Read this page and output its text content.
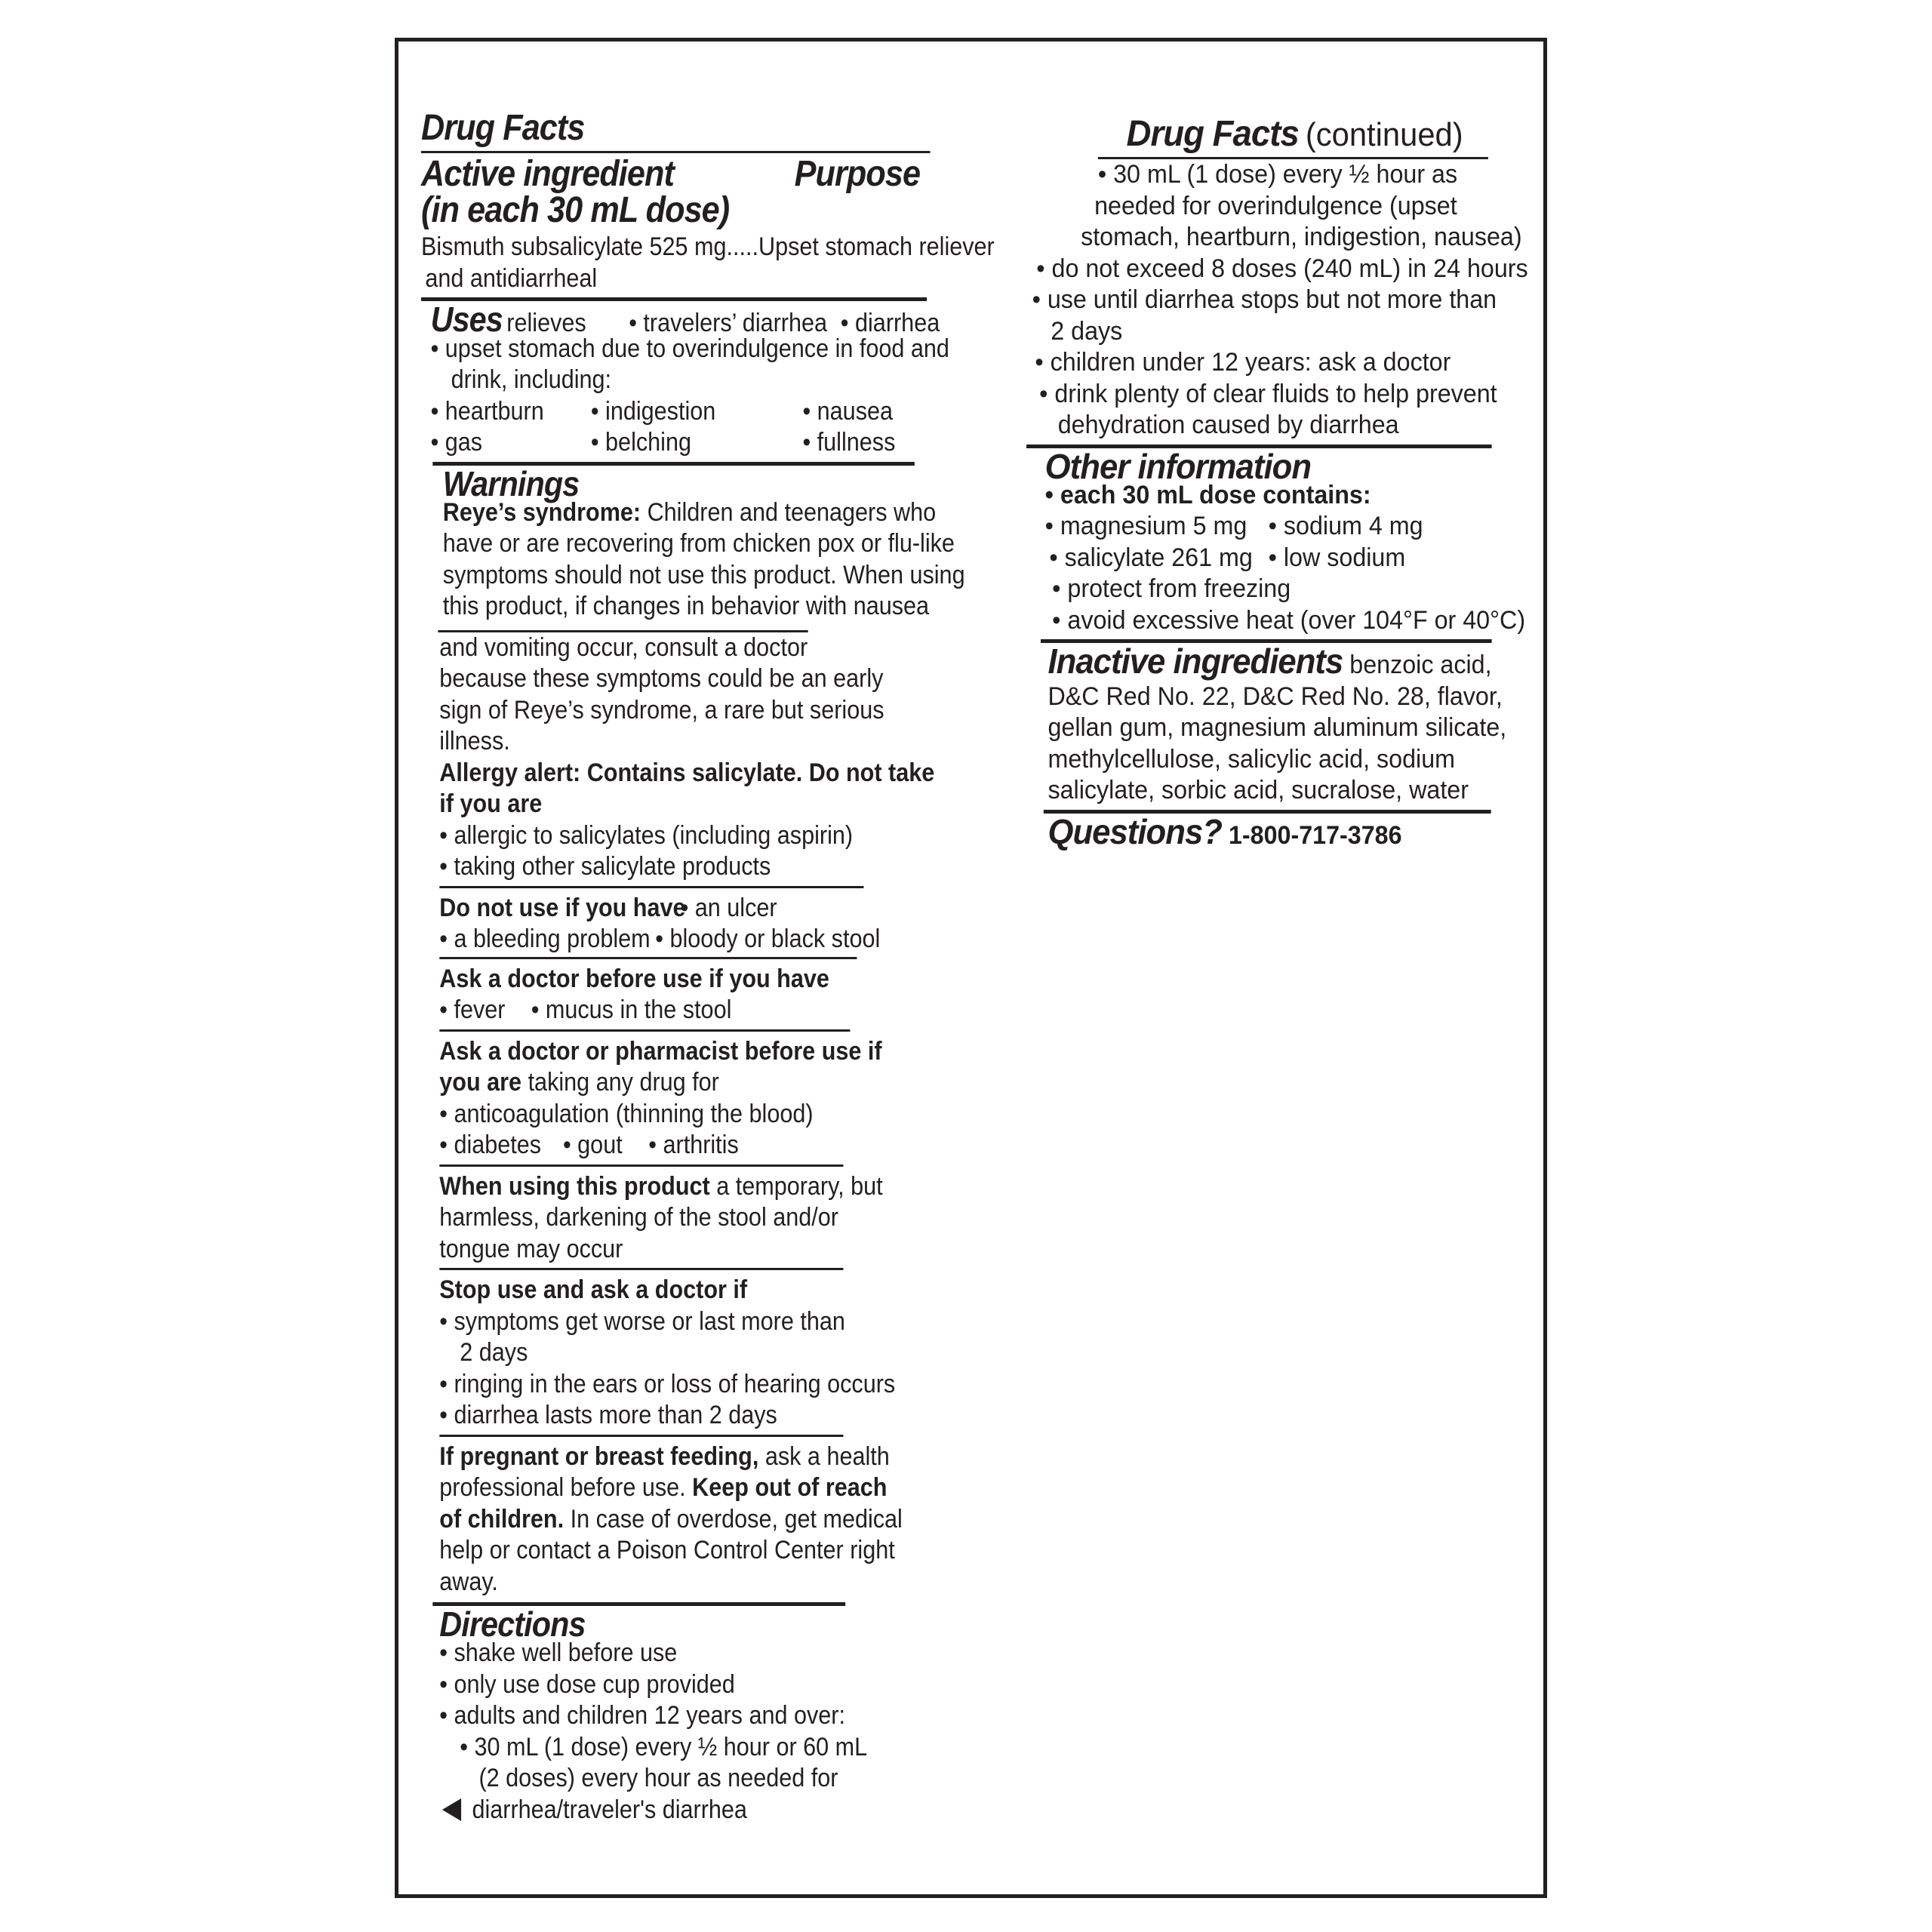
Drug Facts

Active ingredient	Purpose

(in each 30 mL dose)

Bismuth subsalicylate 525 mg.....Upset stomach reliever

and antidiarrheal

Uses relieves	• travelers’ diarrhea • diarrhea

• upset stomach due to overindulgence in food and

drink, including:

• heartburn	• indigestion	• nausea
• gas	• belching	• fullness

Warnings

Reye’s syndrome: Children and teenagers who

have or are recovering from chicken pox or flu-like

symptoms should not use this product. When using

this product, if changes in behavior with nausea

and vomiting occur, consult a doctor

because these symptoms could be an early

sign of Reye’s syndrome, a rare but serious

illness.

Allergy alert: Contains salicylate. Do not take

if you are

• allergic to salicylates (including aspirin)

• taking other salicylate products

Do not use if you have
• an ulcer
• a bleeding problem • bloody or black stool

Ask a doctor before use if you have

• fever	• mucus in the stool

Ask a doctor or pharmacist before use if

you are taking any drug for

• anticoagulation (thinning the blood)

• diabetes • gout	• arthritis

When using this product a temporary, but

harmless, darkening of the stool and/or

tongue may occur

Stop use and ask a doctor if

• symptoms get worse or last more than

2 days

• ringing in the ears or loss of hearing occurs

• diarrhea lasts more than 2 days

If pregnant or breast feeding, ask a health

professional before use. Keep out of reach

of children. In case of overdose, get medical

help or contact a Poison Control Center right

away.

Directions

• shake well before use

• only use dose cup provided

• adults and children 12 years and over:

• 30 mL (1 dose) every ½ hour or 60 mL

(2 doses) every hour as needed for

diarrhea/traveler's diarrhea

Drug Facts (continued)

• 30 mL (1 dose) every ½ hour as

needed for overindulgence (upset

stomach, heartburn, indigestion, nausea)

• do not exceed 8 doses (240 mL) in 24 hours

• use until diarrhea stops but not more than

2 days

• children under 12 years: ask a doctor

• drink plenty of clear fluids to help prevent

dehydration caused by diarrhea

Other information

• each 30 mL dose contains:

• magnesium 5 mg • sodium 4 mg
• salicylate 261 mg • low sodium

• protect from freezing

• avoid excessive heat (over 104°F or 40°C)

Inactive ingredients benzoic acid,

D&C Red No. 22, D&C Red No. 28, flavor,

gellan gum, magnesium aluminum silicate,

methylcellulose, salicylic acid, sodium

salicylate, sorbic acid, sucralose, water

Questions? 1-800-717-3786
